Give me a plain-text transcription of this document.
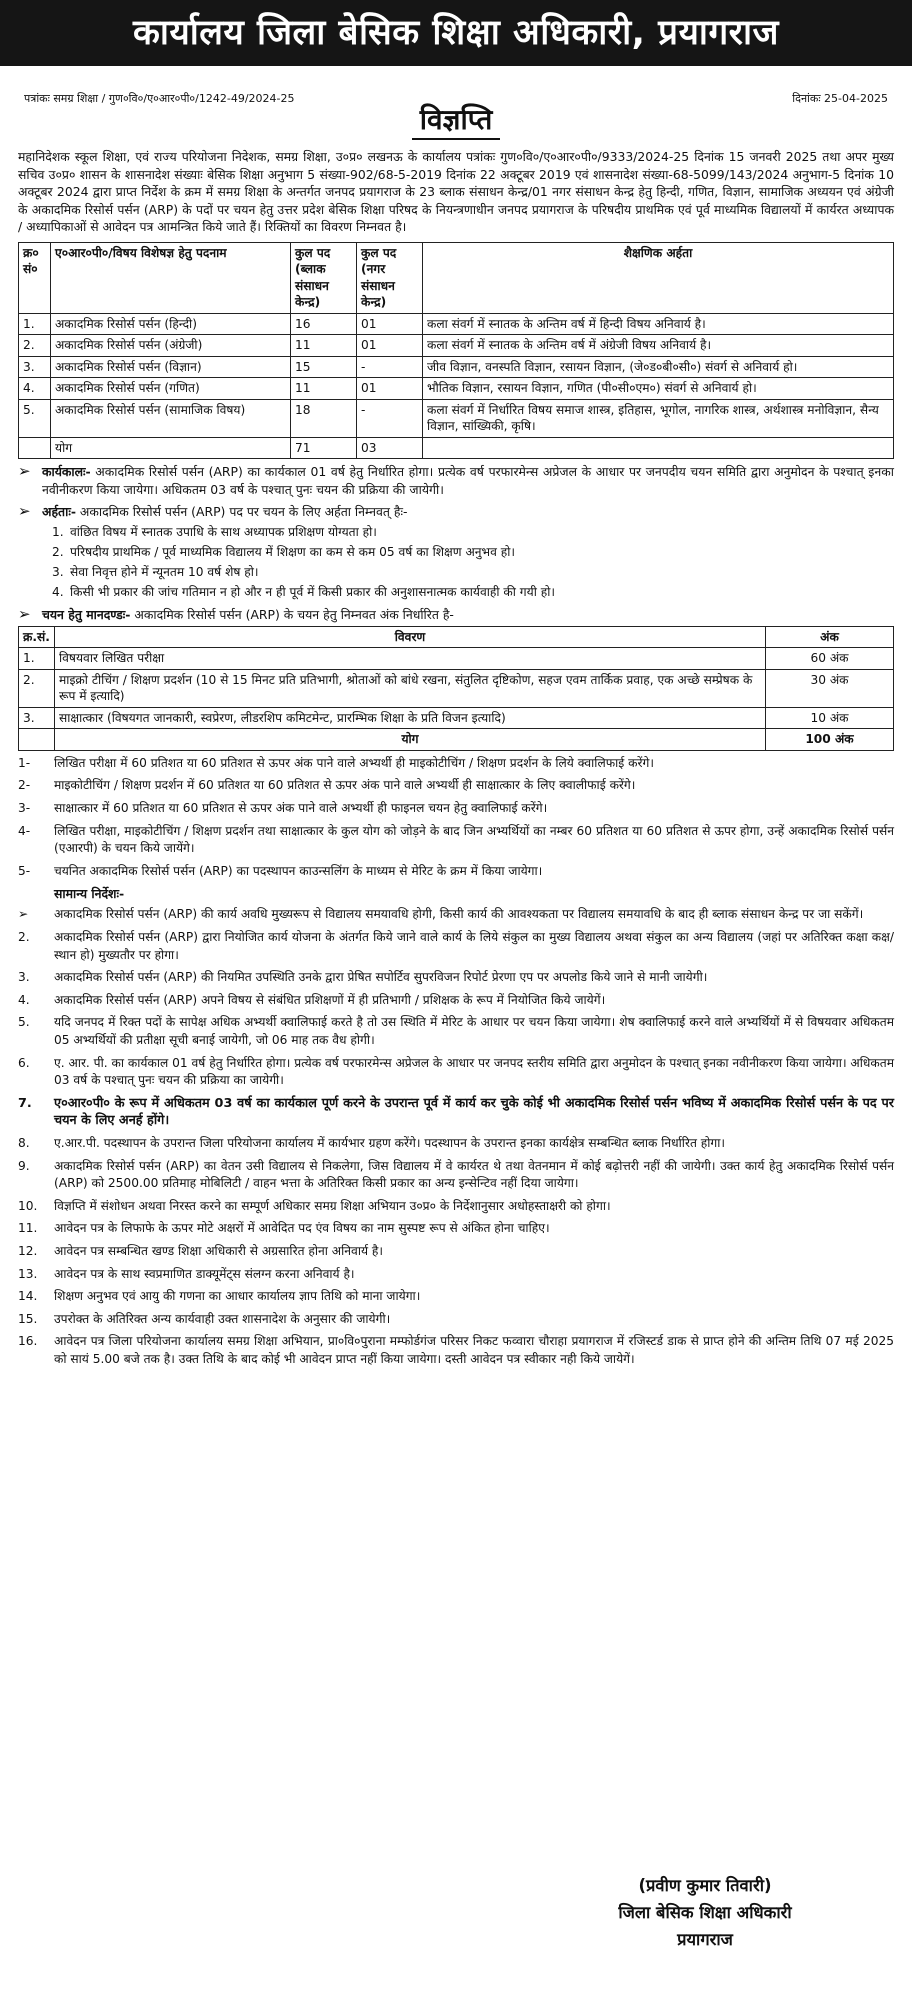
कार्यालय जिला बेसिक शिक्षा अधिकारी, प्रयागराज
पत्रांकः समग्र शिक्षा / गुण०वि०/ए०आर०पी०/1242-49/2024-25	दिनांकः 25-04-2025
विज्ञप्ति
महानिदेशक स्कूल शिक्षा, एवं राज्य परियोजना निदेशक, समग्र शिक्षा, उ०प्र० लखनऊ के कार्यालय पत्रांकः गुण०वि०/ए०आर०पी०/9333/2024-25 दिनांक 15 जनवरी 2025 तथा अपर मुख्य सचिव उ०प्र० शासन के शासनादेश संख्याः बेसिक शिक्षा अनुभाग 5 संख्या-902/68-5-2019 दिनांक 22 अक्टूबर 2019 एवं शासनादेश संख्या-68-5099/143/2024 अनुभाग-5 दिनांक 10 अक्टूबर 2024 द्वारा प्राप्त निर्देश के क्रम में समग्र शिक्षा के अन्तर्गत जनपद प्रयागराज के 23 ब्लाक संसाधन केन्द्र/01 नगर संसाधन केन्द्र हेतु हिन्दी, गणित, विज्ञान, सामाजिक अध्ययन एवं अंग्रेजी के अकादमिक रिसोर्स पर्सन (ARP) के पदों पर चयन हेतु उत्तर प्रदेश बेसिक शिक्षा परिषद के नियन्त्रणाधीन जनपद प्रयागराज के परिषदीय प्राथमिक एवं पूर्व माध्यमिक विद्यालयों में कार्यरत अध्यापक / अध्यापिकाओं से आवेदन पत्र आमन्त्रित किये जाते हैं। रिक्तियों का विवरण निम्नवत है।
क्र० सं०	ए०आर०पी०/विषय विशेषज्ञ हेतु पदनाम	कुल पद (ब्लाक संसाधन केन्द्र)	कुल पद (नगर संसाधन केन्द्र)	शैक्षणिक अर्हता
1.	अकादमिक रिसोर्स पर्सन (हिन्दी)	16	01	कला संवर्ग में स्नातक के अन्तिम वर्ष में हिन्दी विषय अनिवार्य है।
2.	अकादमिक रिसोर्स पर्सन (अंग्रेजी)	11	01	कला संवर्ग में स्नातक के अन्तिम वर्ष में अंग्रेजी विषय अनिवार्य है।
3.	अकादमिक रिसोर्स पर्सन (विज्ञान)	15	-	जीव विज्ञान, वनस्पति विज्ञान, रसायन विज्ञान, (जे०ड०बी०सी०) संवर्ग से अनिवार्य हो।
4.	अकादमिक रिसोर्स पर्सन (गणित)	11	01	भौतिक विज्ञान, रसायन विज्ञान, गणित (पी०सी०एम०) संवर्ग से अनिवार्य हो।
5.	अकादमिक रिसोर्स पर्सन (सामाजिक विषय)	18	-	कला संवर्ग में निर्धारित विषय समाज शास्त्र, इतिहास, भूगोल, नागरिक शास्त्र, अर्थशास्त्र मनोविज्ञान, सैन्य विज्ञान, सांख्यिकी, कृषि।
	योग	71	03	
➢ कार्यकालः- अकादमिक रिसोर्स पर्सन (ARP) का कार्यकाल 01 वर्ष हेतु निर्धारित होगा। प्रत्येक वर्ष परफारमेन्स अप्रेजल के आधार पर जनपदीय चयन समिति द्वारा अनुमोदन के पश्चात् इनका नवीनीकरण किया जायेगा। अधिकतम 03 वर्ष के पश्चात् पुनः चयन की प्रक्रिया की जायेगी।
➢ अर्हताः- अकादमिक रिसोर्स पर्सन (ARP) पद पर चयन के लिए अर्हता निम्नवत् हैः-
1. वांछित विषय में स्नातक उपाधि के साथ अध्यापक प्रशिक्षण योग्यता हो।
2. परिषदीय प्राथमिक / पूर्व माध्यमिक विद्यालय में शिक्षण का कम से कम 05 वर्ष का शिक्षण अनुभव हो।
3. सेवा निवृत्त होने में न्यूनतम 10 वर्ष शेष हो।
4. किसी भी प्रकार की जांच गतिमान न हो और न ही पूर्व में किसी प्रकार की अनुशासनात्मक कार्यवाही की गयी हो।
➢ चयन हेतु मानदण्डः- अकादमिक रिसोर्स पर्सन (ARP) के चयन हेतु निम्नवत अंक निर्धारित है-
क्र.सं.	विवरण	अंक
1.	विषयवार लिखित परीक्षा	60 अंक
2.	माइक्रो टीचिंग / शिक्षण प्रदर्शन (10 से 15 मिनट प्रति प्रतिभागी, श्रोताओं को बांधे रखना, संतुलित दृष्टिकोण, सहज एवम तार्किक प्रवाह, एक अच्छे सम्प्रेषक के रूप में इत्यादि)	30 अंक
3.	साक्षात्कार (विषयगत जानकारी, स्वप्रेरण, लीडरशिप कमिटमेन्ट, प्रारम्भिक शिक्षा के प्रति विजन इत्यादि)	10 अंक
	योग	100 अंक
1-	लिखित परीक्षा में 60 प्रतिशत या 60 प्रतिशत से ऊपर अंक पाने वाले अभ्यर्थी ही माइकोटीचिंग / शिक्षण प्रदर्शन के लिये क्वालिफाई करेंगे।
2-	माइकोटीचिंग / शिक्षण प्रदर्शन में 60 प्रतिशत या 60 प्रतिशत से ऊपर अंक पाने वाले अभ्यर्थी ही साक्षात्कार के लिए क्वालीफाई करेंगे।
3-	साक्षात्कार में 60 प्रतिशत या 60 प्रतिशत से ऊपर अंक पाने वाले अभ्यर्थी ही फाइनल चयन हेतु क्वालिफाई करेंगे।
4-	लिखित परीक्षा, माइकोटीचिंग / शिक्षण प्रदर्शन तथा साक्षात्कार के कुल योग को जोड़ने के बाद जिन अभ्यर्थियों का नम्बर 60 प्रतिशत या 60 प्रतिशत से ऊपर होगा, उन्हें अकादमिक रिसोर्स पर्सन (एआरपी) के चयन किये जायेंगे।
5-	चयनित अकादमिक रिसोर्स पर्सन (ARP) का पदस्थापन काउन्सलिंग के माध्यम से मेरिट के क्रम में किया जायेगा।
सामान्य निर्देशः-
➢	अकादमिक रिसोर्स पर्सन (ARP) की कार्य अवधि मुख्यरूप से विद्यालय समयावधि होगी, किसी कार्य की आवश्यकता पर विद्यालय समयावधि के बाद ही ब्लाक संसाधन केन्द्र पर जा सकेंगें।
2.	अकादमिक रिसोर्स पर्सन (ARP) द्वारा नियोजित कार्य योजना के अंतर्गत किये जाने वाले कार्य के लिये संकुल का मुख्य विद्यालय अथवा संकुल का अन्य विद्यालय (जहां पर अतिरिक्त कक्षा कक्ष/स्थान हो) मुख्यतौर पर होगा।
3.	अकादमिक रिसोर्स पर्सन (ARP) की नियमित उपस्थिति उनके द्वारा प्रेषित सपोर्टिव सुपरविजन रिपोर्ट प्रेरणा एप पर अपलोड किये जाने से मानी जायेगी।
4.	अकादमिक रिसोर्स पर्सन (ARP) अपने विषय से संबंधित प्रशिक्षणों में ही प्रतिभागी / प्रशिक्षक के रूप में नियोजित किये जायेगें।
5.	यदि जनपद में रिक्त पदों के सापेक्ष अधिक अभ्यर्थी क्वालिफाई करते है तो उस स्थिति में मेरिट के आधार पर चयन किया जायेगा। शेष क्वालिफाई करने वाले अभ्यर्थियों में से विषयवार अधिकतम 05 अभ्यर्थियों की प्रतीक्षा सूची बनाई जायेगी, जो 06 माह तक वैध होगी।
6.	ए. आर. पी. का कार्यकाल 01 वर्ष हेतु निर्धारित होगा। प्रत्येक वर्ष परफारमेन्स अप्रेजल के आधार पर जनपद स्तरीय समिति द्वारा अनुमोदन के पश्चात् इनका नवीनीकरण किया जायेगा। अधिकतम 03 वर्ष के पश्चात् पुनः चयन की प्रक्रिया का जायेगी।
7.	ए०आर०पी० के रूप में अधिकतम 03 वर्ष का कार्यकाल पूर्ण करने के उपरान्त पूर्व में कार्य कर चुके कोई भी अकादमिक रिसोर्स पर्सन भविष्य में अकादमिक रिसोर्स पर्सन के पद पर चयन के लिए अनर्ह होंगे।
8.	ए.आर.पी. पदस्थापन के उपरान्त जिला परियोजना कार्यालय में कार्यभार ग्रहण करेंगे। पदस्थापन के उपरान्त इनका कार्यक्षेत्र सम्बन्धित ब्लाक निर्धारित होगा।
9.	अकादमिक रिसोर्स पर्सन (ARP) का वेतन उसी विद्यालय से निकलेगा, जिस विद्यालय में वे कार्यरत थे तथा वेतनमान में कोई बढ़ोत्तरी नहीं की जायेगी। उक्त कार्य हेतु अकादमिक रिसोर्स पर्सन (ARP) को 2500.00 प्रतिमाह मोबिलिटी / वाहन भत्ता के अतिरिक्त किसी प्रकार का अन्य इन्सेन्टिव नहीं दिया जायेगा।
10.	विज्ञप्ति में संशोधन अथवा निरस्त करने का सम्पूर्ण अधिकार समग्र शिक्षा अभियान उ०प्र० के निर्देशानुसार अधोहस्ताक्षरी को होगा।
11.	आवेदन पत्र के लिफाफे के ऊपर मोटे अक्षरों में आवेदित पद एंव विषय का नाम सुस्पष्ट रूप से अंकित होना चाहिए।
12.	आवेदन पत्र सम्बन्धित खण्ड शिक्षा अधिकारी से अग्रसारित होना अनिवार्य है।
13.	आवेदन पत्र के साथ स्वप्रमाणित डाक्यूमेंट्स संलग्न करना अनिवार्य है।
14.	शिक्षण अनुभव एवं आयु की गणना का आधार कार्यालय ज्ञाप तिथि को माना जायेगा।
15.	उपरोक्त के अतिरिक्त अन्य कार्यवाही उक्त शासनादेश के अनुसार की जायेगी।
16.	आवेदन पत्र जिला परियोजना कार्यालय समग्र शिक्षा अभियान, प्रा०वि०पुराना मम्फोर्डगंज परिसर निकट फव्वारा चौराहा प्रयागराज में रजिस्टर्ड डाक से प्राप्त होने की अन्तिम तिथि 07 मई 2025 को सायं 5.00 बजे तक है। उक्त तिथि के बाद कोई भी आवेदन प्राप्त नहीं किया जायेगा। दस्ती आवेदन पत्र स्वीकार नही किये जायेगें।
(प्रवीण कुमार तिवारी)
जिला बेसिक शिक्षा अधिकारी
प्रयागराज
